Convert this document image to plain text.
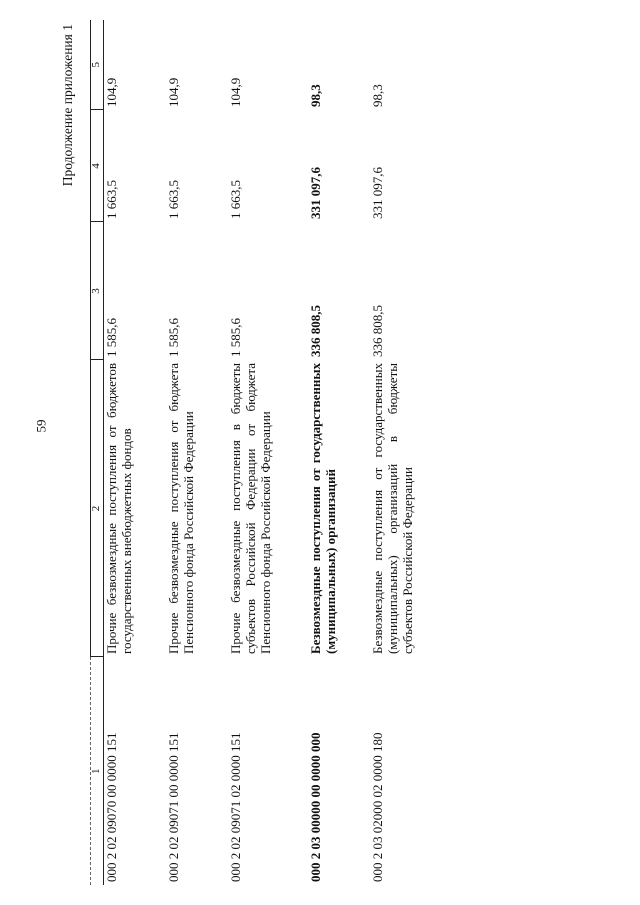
59
Продолжение приложения 1
1	2	3	4	5
000 2 02 09070 00 0000 151	Прочие безвозмездные поступления от бюджетов государственных внебюджетных фондов	1 585,6	1 663,5	104,9
000 2 02 09071 00 0000 151	Прочие безвозмездные поступления от бюджета Пенсионного фонда Российской Федерации	1 585,6	1 663,5	104,9
000 2 02 09071 02 0000 151	Прочие безвозмездные поступления в бюджеты субъектов Российской Федерации от бюджета Пенсионного фонда Российской Федерации	1 585,6	1 663,5	104,9
000 2 03 00000 00 0000 000	Безвозмездные поступления от государственных (муниципальных) организаций	336 808,5	331 097,6	98,3
000 2 03 02000 02 0000 180	Безвозмездные поступления от государственных (муниципальных) организаций в бюджеты субъектов Российской Федерации	336 808,5	331 097,6	98,3
